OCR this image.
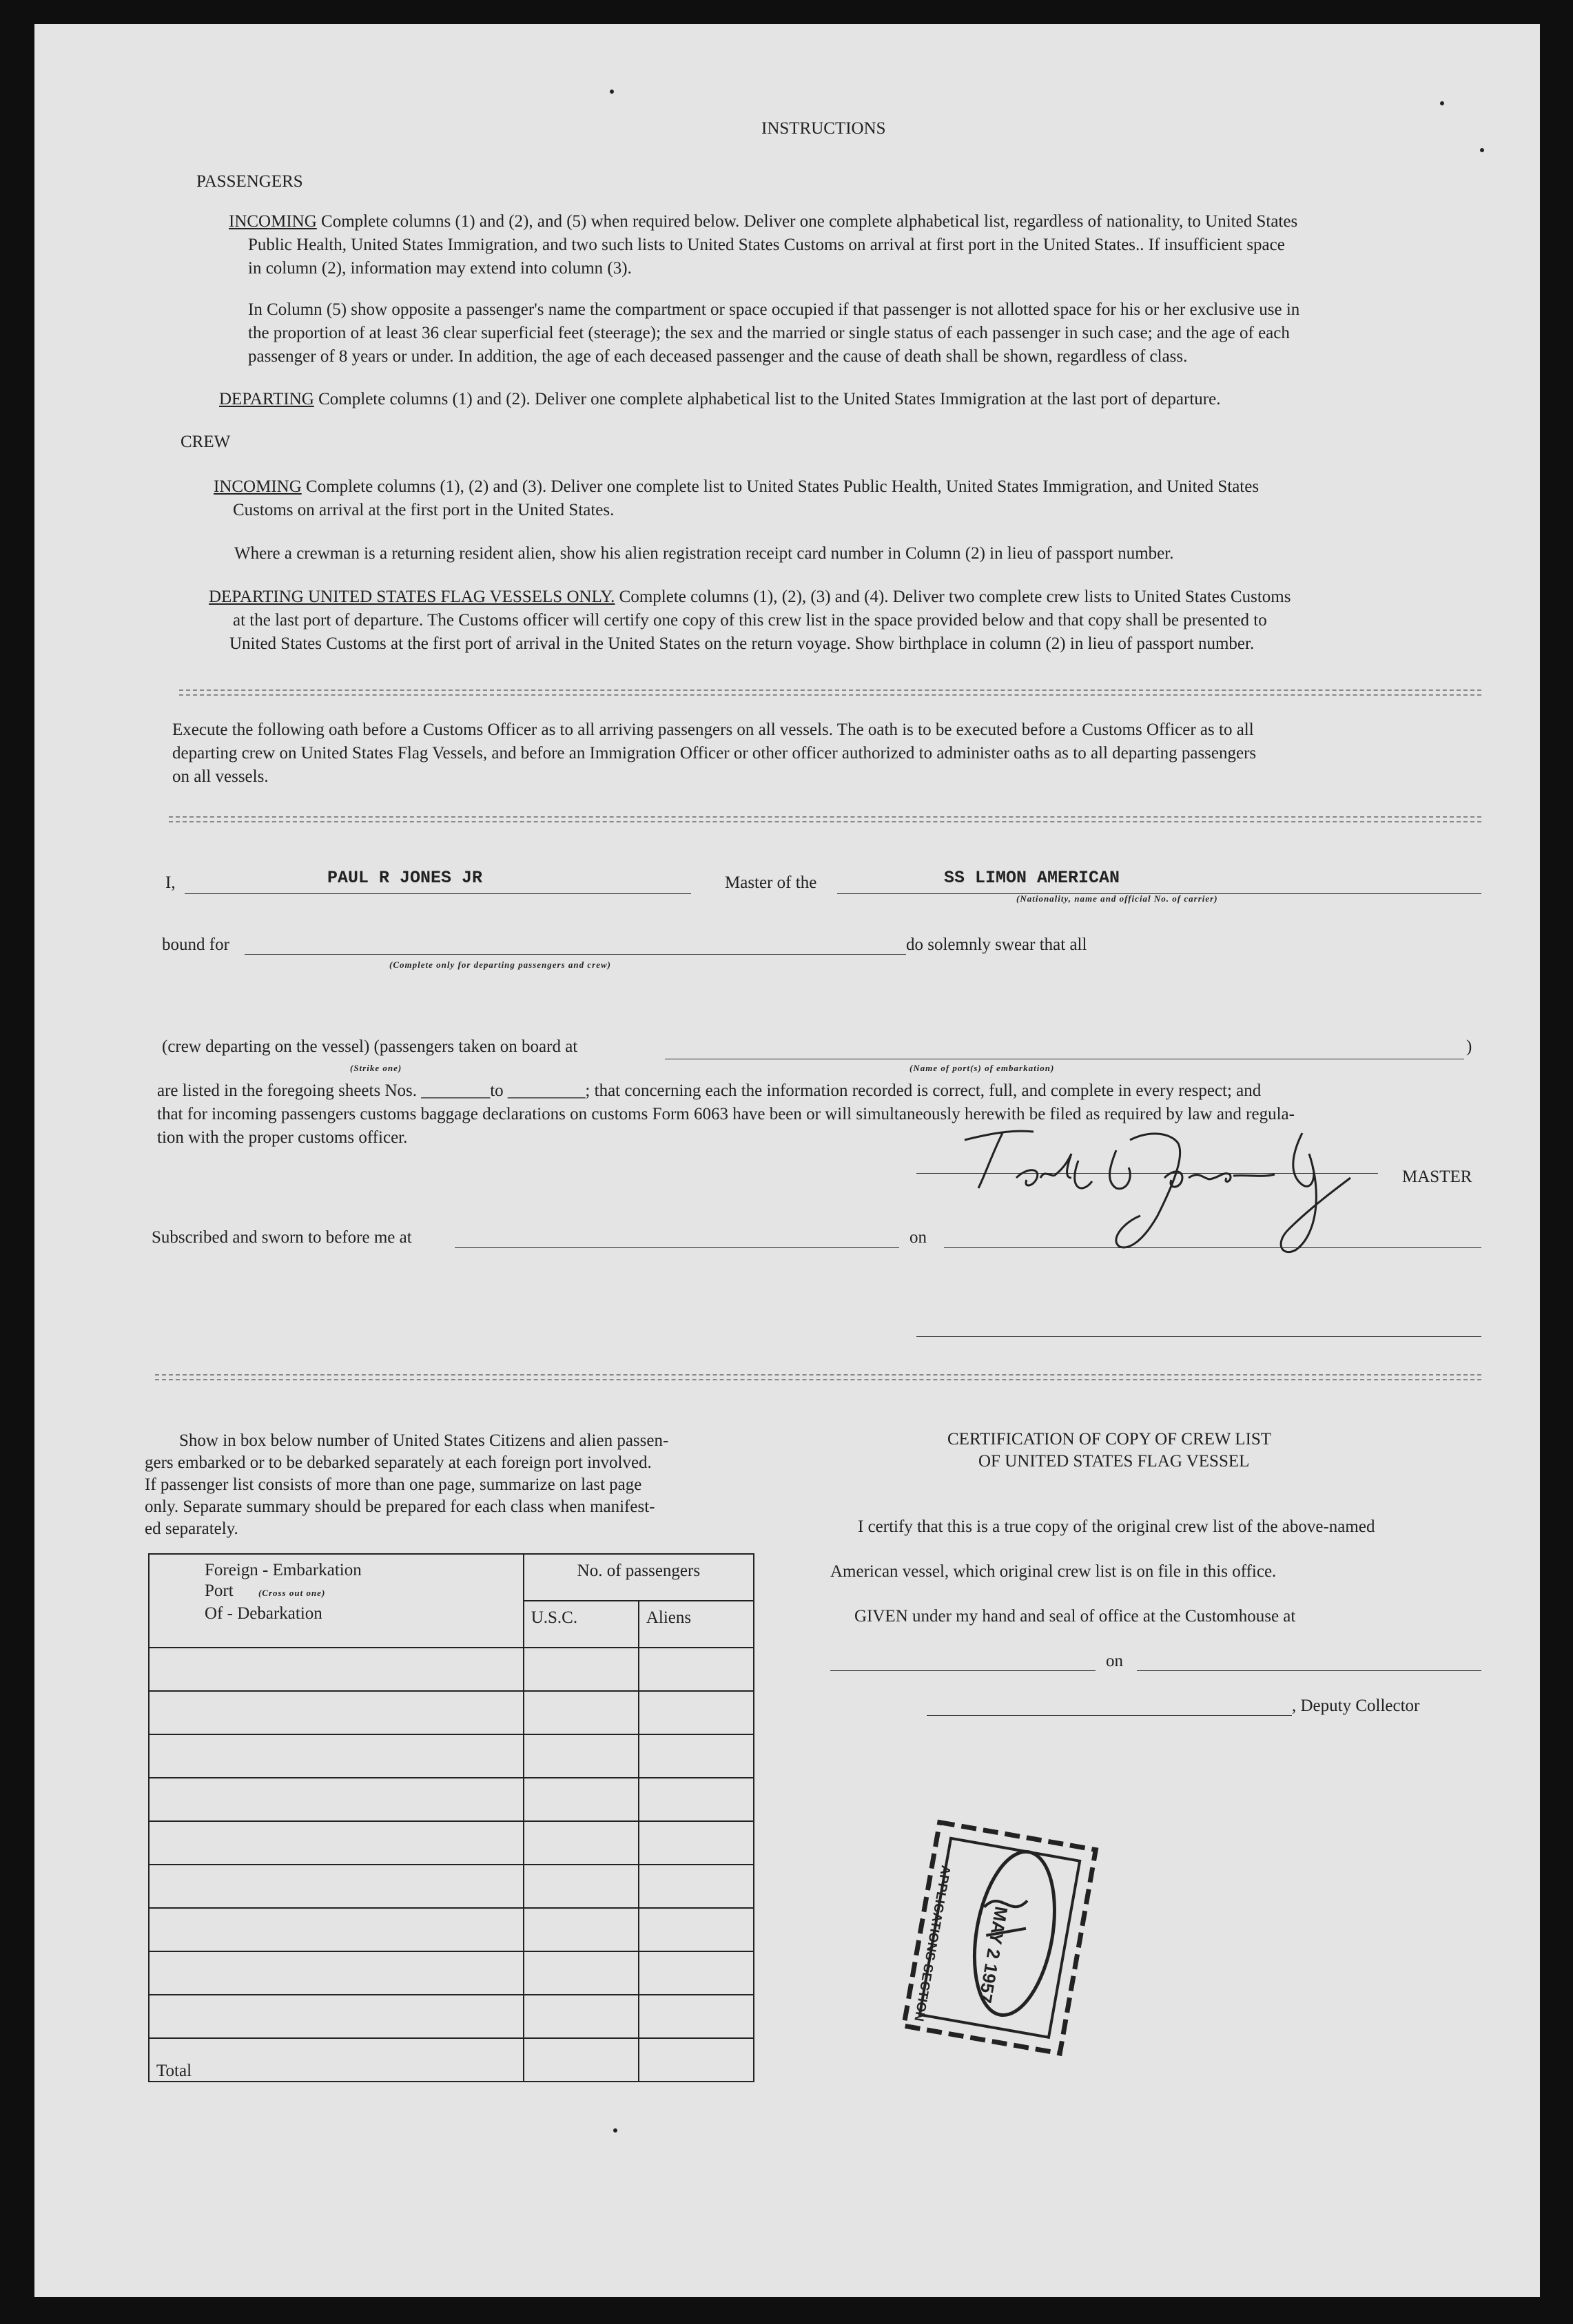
INSTRUCTIONS
PASSENGERS
INCOMING Complete columns (1) and (2), and (5) when required below. Deliver one complete alphabetical list, regardless of nationality, to United States
Public Health, United States Immigration, and two such lists to United States Customs on arrival at first port in the United States.. If insufficient space
in column (2), information may extend into column (3).
In Column (5) show opposite a passenger's name the compartment or space occupied if that passenger is not allotted space for his or her exclusive use in
the proportion of at least 36 clear superficial feet (steerage); the sex and the married or single status of each passenger in such case; and the age of each
passenger of 8 years or under. In addition, the age of each deceased passenger and the cause of death shall be shown, regardless of class.
DEPARTING Complete columns (1) and (2). Deliver one complete alphabetical list to the United States Immigration at the last port of departure.
CREW
INCOMING Complete columns (1), (2) and (3). Deliver one complete list to United States Public Health, United States Immigration, and United States
Customs on arrival at the first port in the United States.
Where a crewman is a returning resident alien, show his alien registration receipt card number in Column (2) in lieu of passport number.
DEPARTING UNITED STATES FLAG VESSELS ONLY. Complete columns (1), (2), (3) and (4). Deliver two complete crew lists to United States Customs
at the last port of departure. The Customs officer will certify one copy of this crew list in the space provided below and that copy shall be presented to
United States Customs at the first port of arrival in the United States on the return voyage. Show birthplace in column (2) in lieu of passport number.
Execute the following oath before a Customs Officer as to all arriving passengers on all vessels. The oath is to be executed before a Customs Officer as to all
departing crew on United States Flag Vessels, and before an Immigration Officer or other officer authorized to administer oaths as to all departing passengers
on all vessels.
I,	PAUL R JONES JR	Master of the	SS LIMON AMERICAN
(Nationality, name and official No. of carrier)
bound for	do solemnly swear that all
(Complete only for departing passengers and crew)
(crew departing on the vessel) (passengers taken on board at	)
(Strike one)	(Name of port(s) of embarkation)
are listed in the foregoing sheets Nos. ________to _________; that concerning each the information recorded is correct, full, and complete in every respect; and
that for incoming passengers customs baggage declarations on customs Form 6063 have been or will simultaneously herewith be filed as required by law and regula-
tion with the proper customs officer.
MASTER
Subscribed and sworn to before me at	on
Show in box below number of United States Citizens and alien passen-
gers embarked or to be debarked separately at each foreign port involved.
If passenger list consists of more than one page, summarize on last page
only. Separate summary should be prepared for each class when manifest-
ed separately.
Foreign - Embarkation
Port (Cross out one)
Of - Debarkation	No. of passengers	
	U.S.C.	Aliens

Total		
CERTIFICATION OF COPY OF CREW LIST
OF UNITED STATES FLAG VESSEL
I certify that this is a true copy of the original crew list of the above-named
American vessel, which original crew list is on file in this office.
GIVEN under my hand and seal of office at the Customhouse at
on
, Deputy Collector
MAY 2 1957
APPLICATIONS SECTION
